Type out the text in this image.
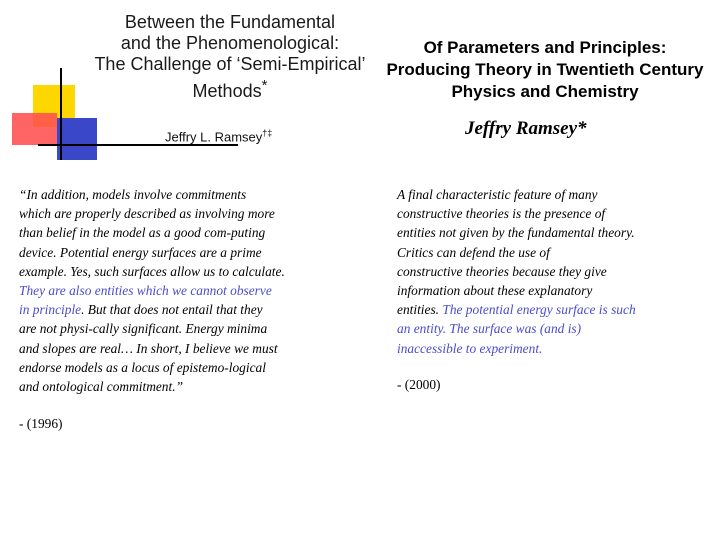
Between the Fundamental
and the Phenomenological:
The Challenge of ‘Semi-Empirical’
Methods*
Jeffry L. Ramsey†‡
Of Parameters and Principles:
Producing Theory in Twentieth Century
Physics and Chemistry
Jeffry Ramsey*
“In addition, models involve commitments
which are properly described as involving more
than belief in the model as a good com-puting
device. Potential energy surfaces are a prime
example. Yes, such surfaces allow us to calculate.
They are also entities which we cannot observe
in principle. But that does not entail that they
are not physi-cally significant. Energy minima
and slopes are real… In short, I believe we must
endorse models as a locus of epistemo-logical
and ontological commitment.”
- (1996)
A final characteristic feature of many
constructive theories is the presence of
entities not given by the fundamental theory.
Critics can defend the use of
constructive theories because they give
information about these explanatory
entities. The potential energy surface is such
an entity. The surface was (and is)
inaccessible to experiment.
- (2000)
